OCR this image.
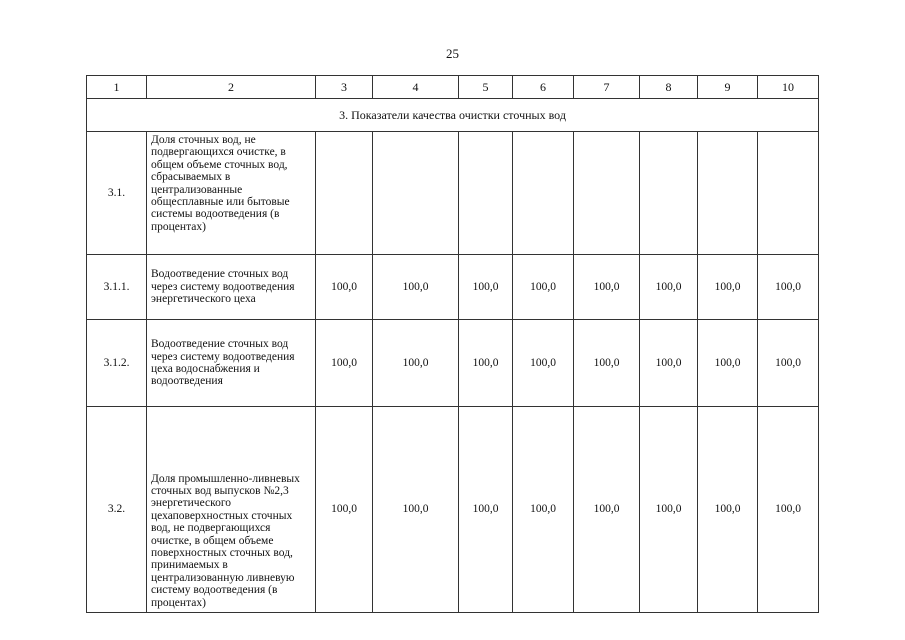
25
1	2	3	4	5	6	7	8	9	10
3. Показатели качества очистки сточных вод									
3.1.	Доля сточных вод, не подвергающихся очистке, в общем объеме сточных вод, сбрасываемых в централизованные общесплавные или бытовые системы водоотведения (в процентах)								
3.1.1.	Водоотведение сточных вод через систему водоотведения энергетического цеха	100,0	100,0	100,0	100,0	100,0	100,0	100,0	100,0
3.1.2.	Водоотведение сточных вод через систему водоотведения цеха водоснабжения и водоотведения	100,0	100,0	100,0	100,0	100,0	100,0	100,0	100,0
3.2.	Доля промышленно-ливневых сточных вод выпусков №2,3 энергетического цехаповерхностных сточных вод, не подвергающихся очистке, в общем объеме поверхностных сточных вод, принимаемых в централизованную ливневую систему водоотведения (в процентах)	100,0	100,0	100,0	100,0	100,0	100,0	100,0	100,0
